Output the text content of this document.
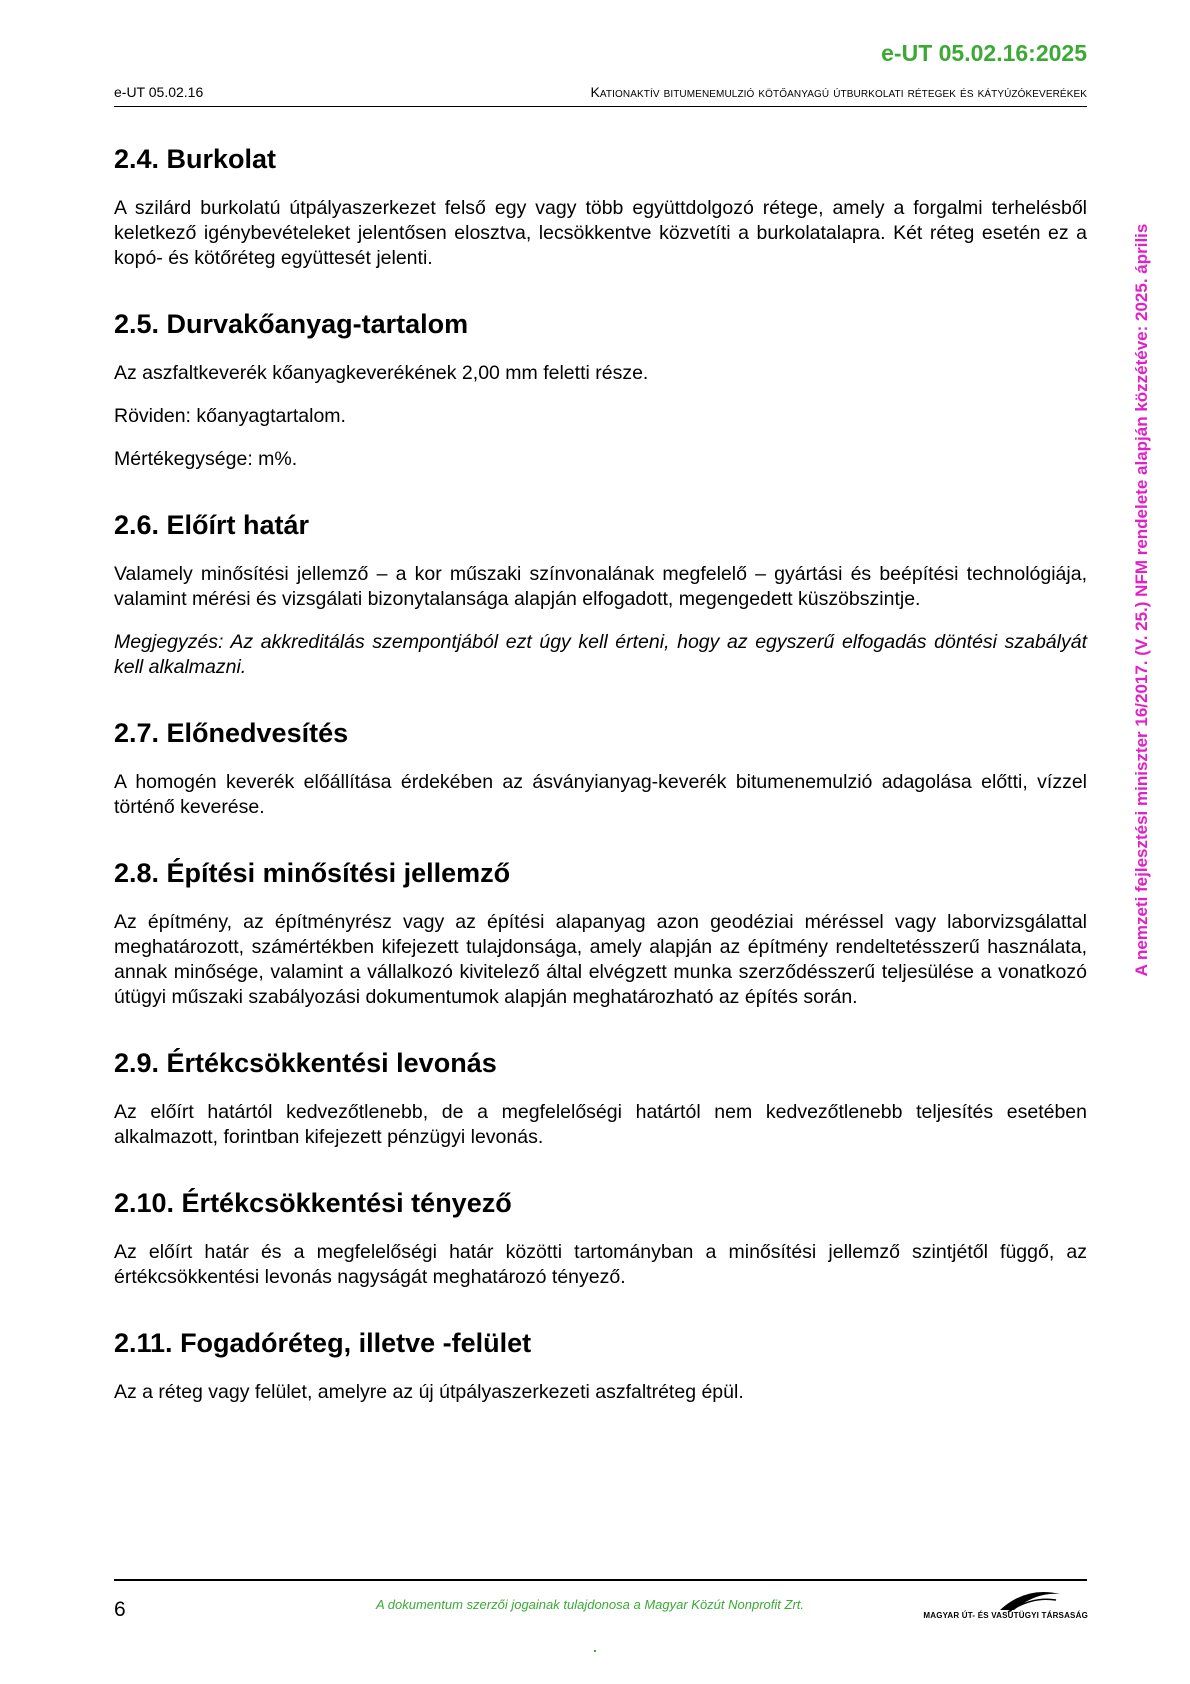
e-UT 05.02.16:2025
e-UT 05.02.16	Kationaktív bitumenemulzió kötőanyagú útburkolati rétegek és kátyúzókeverékek
2.4. Burkolat

A szilárd burkolatú útpályaszerkezet felső egy vagy több együttdolgozó rétege, amely a forgalmi terhelésből keletkező igénybevételeket jelentősen elosztva, lecsökkentve közvetíti a burkolatalapra. Két réteg esetén ez a kopó- és kötőréteg együttesét jelenti.

2.5. Durvakőanyag-tartalom

Az aszfaltkeverék kőanyagkeverékének 2,00 mm feletti része.

Röviden: kőanyagtartalom.

Mértékegysége: m%.

2.6. Előírt határ

Valamely minősítési jellemző – a kor műszaki színvonalának megfelelő – gyártási és beépítési technológiája, valamint mérési és vizsgálati bizonytalansága alapján elfogadott, megengedett küszöbszintje.

Megjegyzés: Az akkreditálás szempontjából ezt úgy kell érteni, hogy az egyszerű elfogadás döntési szabályát kell alkalmazni.

2.7. Előnedvesítés

A homogén keverék előállítása érdekében az ásványianyag-keverék bitumenemulzió adagolása előtti, vízzel történő keverése.

2.8. Építési minősítési jellemző

Az építmény, az építményrész vagy az építési alapanyag azon geodéziai méréssel vagy laborvizsgálattal meghatározott, számértékben kifejezett tulajdonsága, amely alapján az építmény rendeltetésszerű használata, annak minősége, valamint a vállalkozó kivitelező által elvégzett munka szerződésszerű teljesülése a vonatkozó útügyi műszaki szabályozási dokumentumok alapján meghatározható az építés során.

2.9. Értékcsökkentési levonás

Az előírt határtól kedvezőtlenebb, de a megfelelőségi határtól nem kedvezőtlenebb teljesítés esetében alkalmazott, forintban kifejezett pénzügyi levonás.

2.10. Értékcsökkentési tényező

Az előírt határ és a megfelelőségi határ közötti tartományban a minősítési jellemző szintjétől függő, az értékcsökkentési levonás nagyságát meghatározó tényező.

2.11. Fogadóréteg, illetve -felület

Az a réteg vagy felület, amelyre az új útpályaszerkezeti aszfaltréteg épül.

A nemzeti fejlesztési miniszter 16/2017. (V. 25.) NFM rendelete alapján közzétéve: 2025. április
6	A dokumentum szerzői jogainak tulajdonosa a Magyar Közút Nonprofit Zrt.
MAGYAR ÚT- ÉS VASÚTÜGYI TÁRSASÁG
